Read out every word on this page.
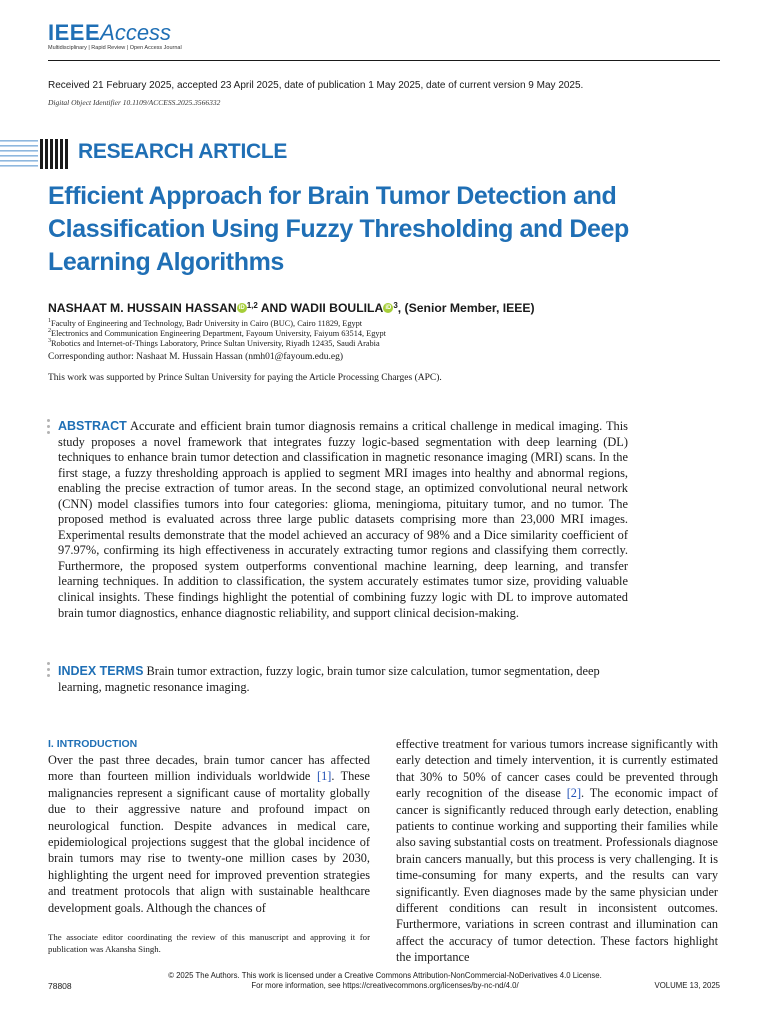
IEEEAccess
Multidisciplinary | Rapid Review | Open Access Journal
Received 21 February 2025, accepted 23 April 2025, date of publication 1 May 2025, date of current version 9 May 2025.
Digital Object Identifier 10.1109/ACCESS.2025.3566332
RESEARCH ARTICLE
Efficient Approach for Brain Tumor Detection and Classification Using Fuzzy Thresholding and Deep Learning Algorithms
NASHAAT M. HUSSAIN HASSAN iD $^{1,2}$ AND WADII BOULILA iD $^3$, (Senior Member, IEEE)
$^1$Faculty of Engineering and Technology, Badr University in Cairo (BUC), Cairo 11829, Egypt
$^2$Electronics and Communication Engineering Department, Fayoum University, Faiyum 63514, Egypt
$^3$Robotics and Internet-of-Things Laboratory, Prince Sultan University, Riyadh 12435, Saudi Arabia
Corresponding author: Nashaat M. Hussain Hassan (nmh01@fayoum.edu.eg)
This work was supported by Prince Sultan University for paying the Article Processing Charges (APC).
ABSTRACT Accurate and efficient brain tumor diagnosis remains a critical challenge in medical imaging. This study proposes a novel framework that integrates fuzzy logic-based segmentation with deep learning (DL) techniques to enhance brain tumor detection and classification in magnetic resonance imaging (MRI) scans. In the first stage, a fuzzy thresholding approach is applied to segment MRI images into healthy and abnormal regions, enabling the precise extraction of tumor areas. In the second stage, an optimized convolutional neural network (CNN) model classifies tumors into four categories: glioma, meningioma, pituitary tumor, and no tumor. The proposed method is evaluated across three large public datasets comprising more than 23,000 MRI images. Experimental results demonstrate that the model achieved an accuracy of 98% and a Dice similarity coefficient of 97.97%, confirming its high effectiveness in accurately extracting tumor regions and classifying them correctly. Furthermore, the proposed system outperforms conventional machine learning, deep learning, and transfer learning techniques. In addition to classification, the system accurately estimates tumor size, providing valuable clinical insights. These findings highlight the potential of combining fuzzy logic with DL to improve automated brain tumor diagnostics, enhance diagnostic reliability, and support clinical decision-making.
INDEX TERMS Brain tumor extraction, fuzzy logic, brain tumor size calculation, tumor segmentation, deep learning, magnetic resonance imaging.
I. INTRODUCTION
Over the past three decades, brain tumor cancer has affected more than fourteen million individuals worldwide [1]. These malignancies represent a significant cause of mortality globally due to their aggressive nature and profound impact on neurological function. Despite advances in medical care, epidemiological projections suggest that the global incidence of brain tumors may rise to twenty-one million cases by 2030, highlighting the urgent need for improved prevention strategies and treatment protocols that align with sustainable healthcare development goals. Although the chances of
effective treatment for various tumors increase significantly with early detection and timely intervention, it is currently estimated that 30% to 50% of cancer cases could be prevented through early recognition of the disease [2]. The economic impact of cancer is significantly reduced through early detection, enabling patients to continue working and supporting their families while also saving substantial costs on treatment. Professionals diagnose brain cancers manually, but this process is very challenging. It is time-consuming for many experts, and the results can vary significantly. Even diagnoses made by the same physician under different conditions can result in inconsistent outcomes. Furthermore, variations in screen contrast and illumination can affect the accuracy of tumor detection. These factors highlight the importance
The associate editor coordinating the review of this manuscript and approving it for publication was Akansha Singh.
78808
© 2025 The Authors. This work is licensed under a Creative Commons Attribution-NonCommercial-NoDerivatives 4.0 License.
For more information, see https://creativecommons.org/licenses/by-nc-nd/4.0/	VOLUME 13, 2025
